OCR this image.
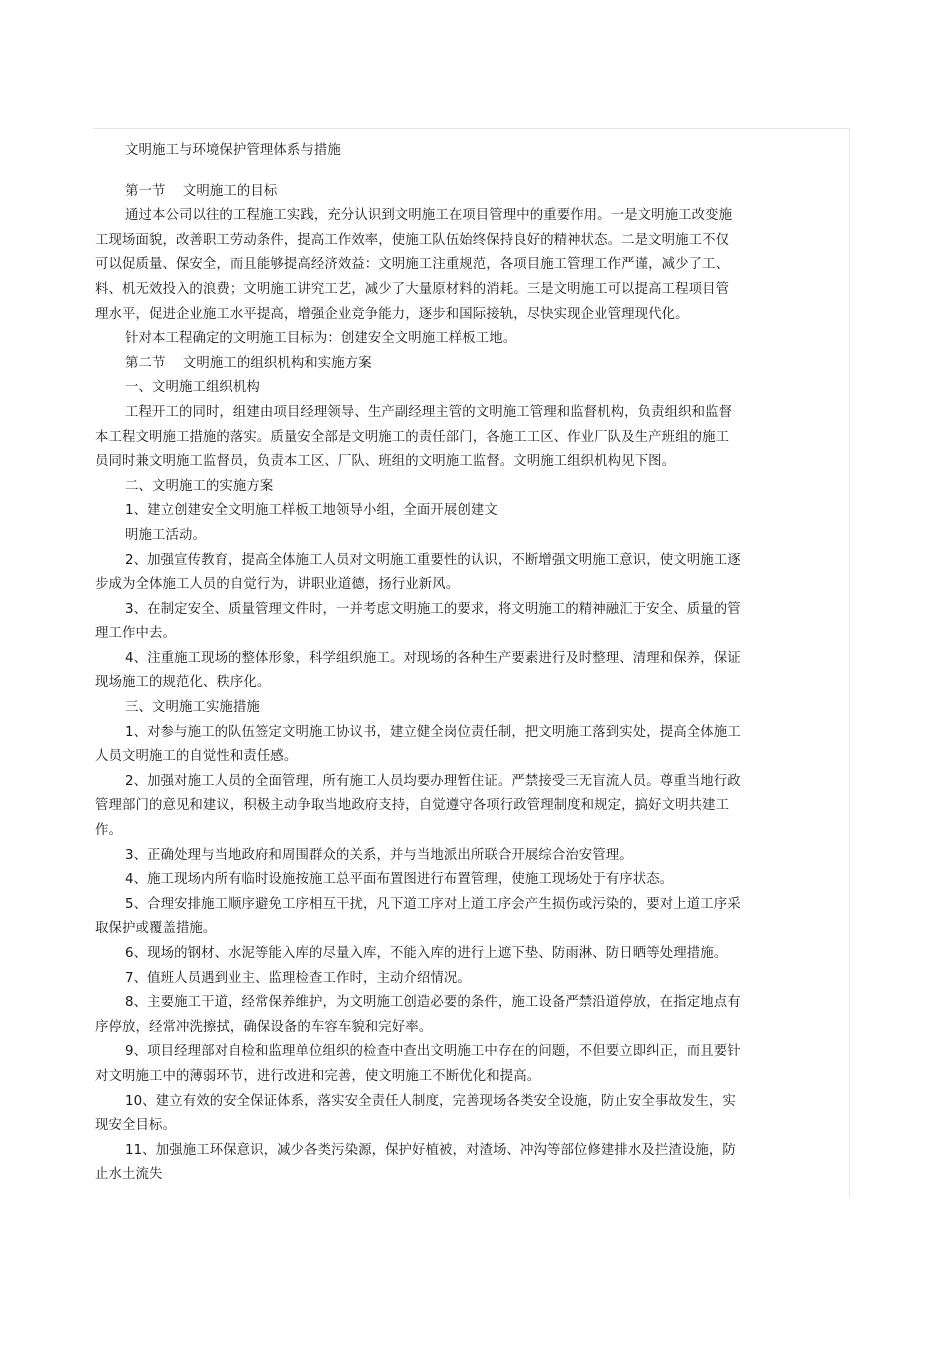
文明施工与环境保护管理体系与措施
第一节    文明施工的目标
通过本公司以往的工程施工实践，充分认识到文明施工在项目管理中的重要作用。一是文明施工改变施
工现场面貌，改善职工劳动条件，提高工作效率，使施工队伍始终保持良好的精神状态。二是文明施工不仅
可以促质量、保安全，而且能够提高经济效益：文明施工注重规范，各项目施工管理工作严谨，减少了工、
料、机无效投入的浪费；文明施工讲究工艺，减少了大量原材料的消耗。三是文明施工可以提高工程项目管
理水平，促进企业施工水平提高，增强企业竞争能力，逐步和国际接轨，尽快实现企业管理现代化。
针对本工程确定的文明施工目标为：创建安全文明施工样板工地。
第二节    文明施工的组织机构和实施方案
一、文明施工组织机构
工程开工的同时，组建由项目经理领导、生产副经理主管的文明施工管理和监督机构，负责组织和监督
本工程文明施工措施的落实。质量安全部是文明施工的责任部门，各施工工区、作业厂队及生产班组的施工
员同时兼文明施工监督员，负责本工区、厂队、班组的文明施工监督。文明施工组织机构见下图。
二、文明施工的实施方案
1、建立创建安全文明施工样板工地领导小组，全面开展创建文
明施工活动。
2、加强宣传教育，提高全体施工人员对文明施工重要性的认识，不断增强文明施工意识，使文明施工逐
步成为全体施工人员的自觉行为，讲职业道德，扬行业新风。
3、在制定安全、质量管理文件时，一并考虑文明施工的要求，将文明施工的精神融汇于安全、质量的管
理工作中去。
4、注重施工现场的整体形象，科学组织施工。对现场的各种生产要素进行及时整理、清理和保养，保证
现场施工的规范化、秩序化。
三、文明施工实施措施
1、对参与施工的队伍签定文明施工协议书，建立健全岗位责任制，把文明施工落到实处，提高全体施工
人员文明施工的自觉性和责任感。
2、加强对施工人员的全面管理，所有施工人员均要办理暂住证。严禁接受三无盲流人员。尊重当地行政
管理部门的意见和建议，积极主动争取当地政府支持，自觉遵守各项行政管理制度和规定，搞好文明共建工
作。
3、正确处理与当地政府和周围群众的关系，并与当地派出所联合开展综合治安管理。
4、施工现场内所有临时设施按施工总平面布置图进行布置管理，使施工现场处于有序状态。
5、合理安排施工顺序避免工序相互干扰，凡下道工序对上道工序会产生损伤或污染的，要对上道工序采
取保护或覆盖措施。
6、现场的钢材、水泥等能入库的尽量入库，不能入库的进行上遮下垫、防雨淋、防日晒等处理措施。
7、值班人员遇到业主、监理检查工作时，主动介绍情况。
8、主要施工干道，经常保养维护，为文明施工创造必要的条件，施工设备严禁沿道停放，在指定地点有
序停放，经常冲洗擦拭，确保设备的车容车貌和完好率。
9、项目经理部对自检和监理单位组织的检查中查出文明施工中存在的问题，不但要立即纠正，而且要针
对文明施工中的薄弱环节，进行改进和完善，使文明施工不断优化和提高。
10、建立有效的安全保证体系，落实安全责任人制度，完善现场各类安全设施，防止安全事故发生，实
现安全目标。
11、加强施工环保意识，减少各类污染源，保护好植被，对渣场、冲沟等部位修建排水及拦渣设施，防
止水土流失
